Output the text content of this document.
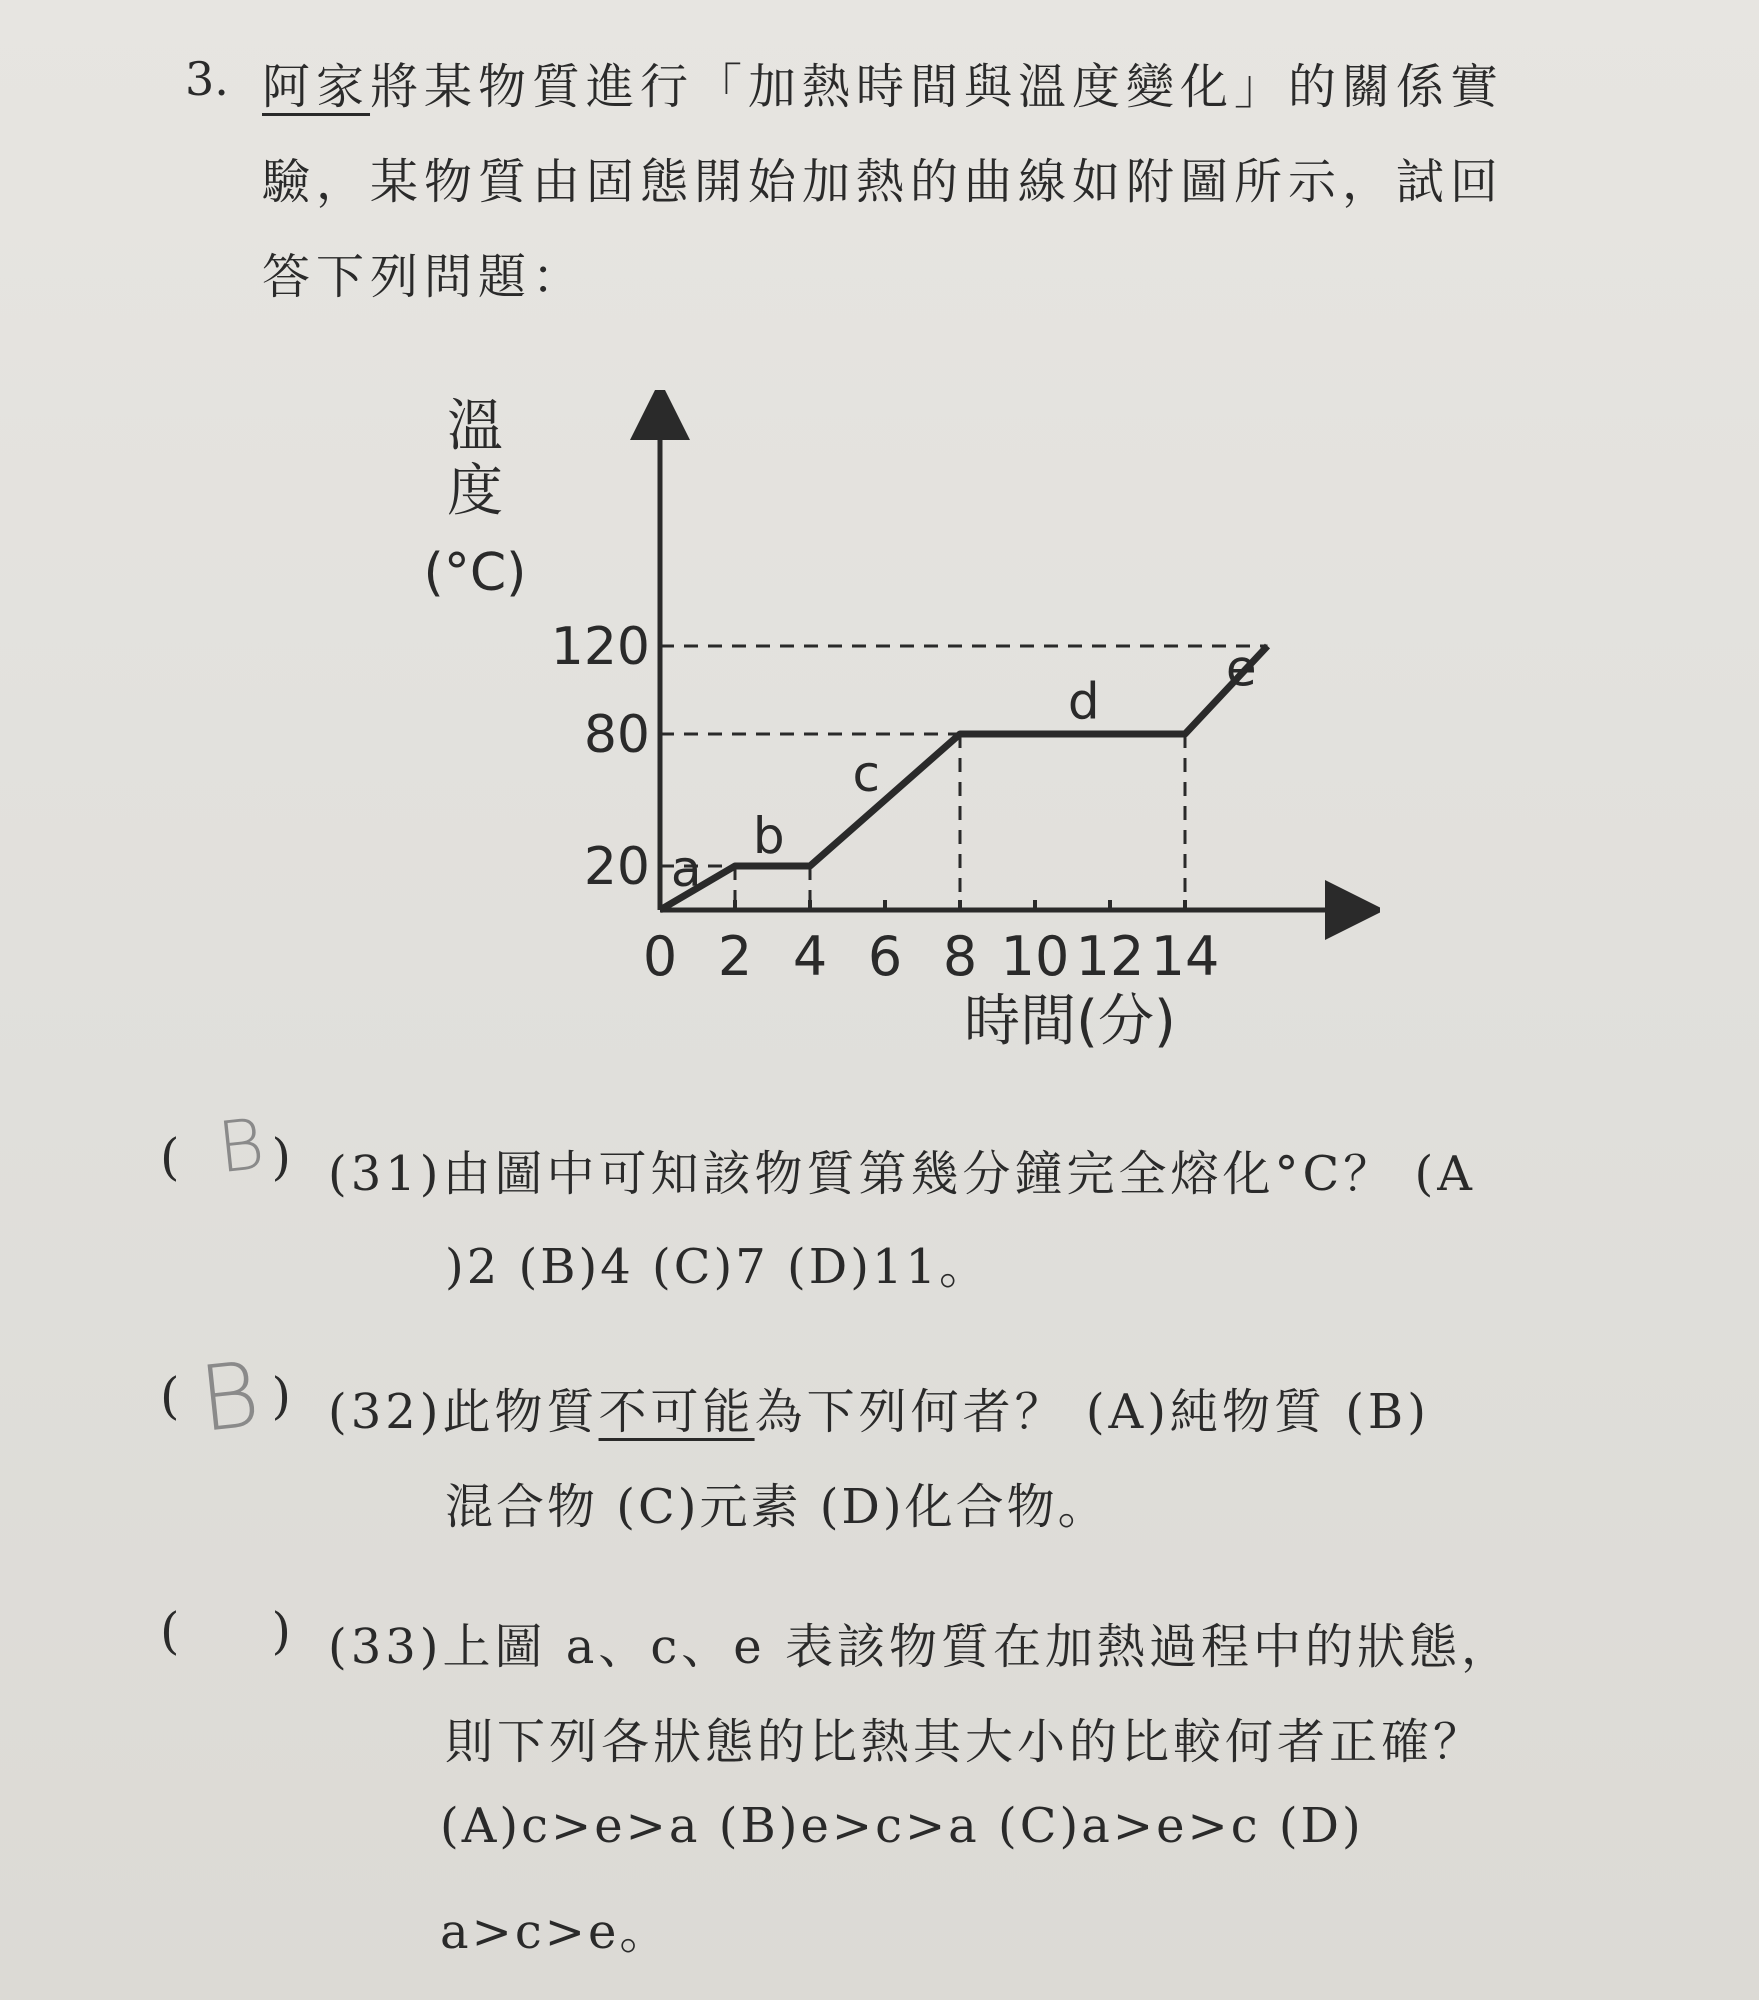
3. 阿家將某物質進行「加熱時間與溫度變化」的關係實
驗，某物質由固態開始加熱的曲線如附圖所示，試回
答下列問題：
0 2 4 6 8 10 12 14
20
80
120
a
b
c
d
e
溫
度
(°C)
時間(分)
( )
B (31)由圖中可知該物質第幾分鐘完全熔化°C？ (A
)2 (B)4 (C)7 (D)11。
( )
B (32)此物質不可能為下列何者？ (A)純物質 (B)
混合物 (C)元素 (D)化合物。
( ) (33)上圖 a、c、e 表該物質在加熱過程中的狀態，
則下列各狀態的比熱其大小的比較何者正確？
(A)c>e>a (B)e>c>a (C)a>e>c (D)
a>c>e。
